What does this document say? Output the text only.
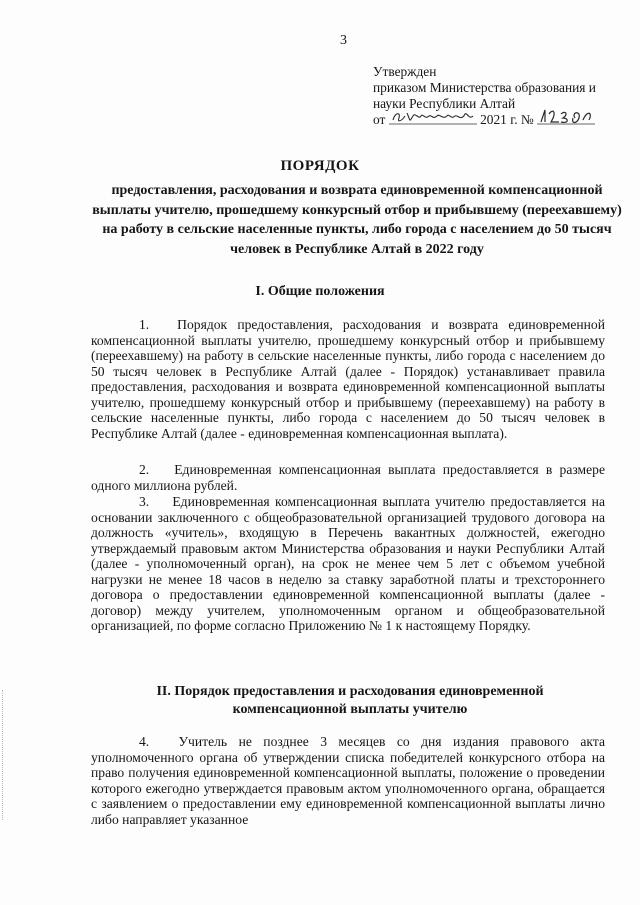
3
Утвержден
приказом Министерства образования и
науки Республики Алтай
от	2021 г. №
ПОРЯДОК
предоставления, расходования и возврата единовременной компенсационной выплаты учителю, прошедшему конкурсный отбор и прибывшему (переехавшему) на работу в сельские населенные пункты, либо города с населением до 50 тысяч человек в Республике Алтай в 2022 году
I. Общие положения
1. Порядок предоставления, расходования и возврата единовременной компенсационной выплаты учителю, прошедшему конкурсный отбор и прибывшему (переехавшему) на работу в сельские населенные пункты, либо города с населением до 50 тысяч человек в Республике Алтай (далее - Порядок) устанавливает правила предоставления, расходования и возврата единовременной компенсационной выплаты учителю, прошедшему конкурсный отбор и прибывшему (переехавшему) на работу в сельские населенные пункты, либо города с населением до 50 тысяч человек в Республике Алтай (далее - единовременная компенсационная выплата).
2. Единовременная компенсационная выплата предоставляется в размере одного миллиона рублей.
3. Единовременная компенсационная выплата учителю предоставляется на основании заключенного с общеобразовательной организацией трудового договора на должность «учитель», входящую в Перечень вакантных должностей, ежегодно утверждаемый правовым актом Министерства образования и науки Республики Алтай (далее - уполномоченный орган), на срок не менее чем 5 лет с объемом учебной нагрузки не менее 18 часов в неделю за ставку заработной платы и трехстороннего договора о предоставлении единовременной компенсационной выплаты (далее - договор) между учителем, уполномоченным органом и общеобразовательной организацией, по форме согласно Приложению № 1 к настоящему Порядку.
II. Порядок предоставления и расходования единовременной компенсационной выплаты учителю
4. Учитель не позднее 3 месяцев со дня издания правового акта уполномоченного органа об утверждении списка победителей конкурсного отбора на право получения единовременной компенсационной выплаты, положение о проведении которого ежегодно утверждается правовым актом уполномоченного органа, обращается с заявлением о предоставлении ему единовременной компенсационной выплаты лично либо направляет указанное
